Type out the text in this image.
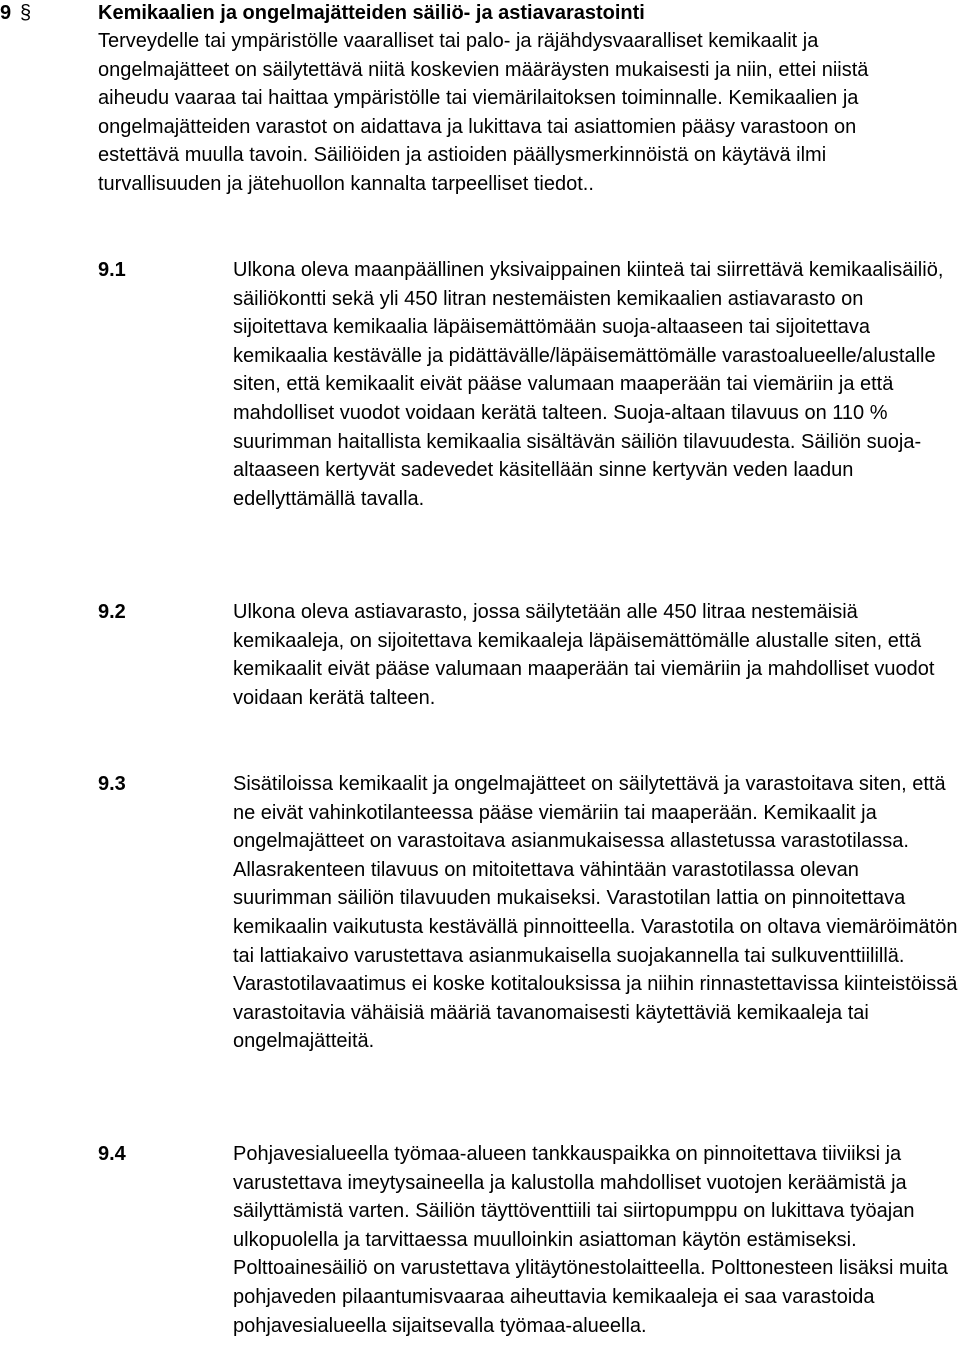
9 §	Kemikaalien ja ongelmajätteiden säiliö- ja astiavarastointi
Terveydelle tai ympäristölle vaaralliset tai palo- ja räjähdysvaaralliset kemikaalit ja ongelmajätteet on säilytettävä niitä koskevien määräysten mukaisesti ja niin, ettei niistä aiheudu vaaraa tai haittaa ympäristölle tai viemärilaitoksen toiminnalle. Kemikaalien ja ongelmajätteiden varastot on aidattava ja lukittava tai asiattomien pääsy varastoon on estettävä muulla tavoin. Säiliöiden ja astioiden päällysmerkinnöistä on käytävä ilmi turvallisuuden ja jätehuollon kannalta tarpeelliset tiedot..
9.1	Ulkona oleva maanpäällinen yksivaippainen kiinteä tai siirrettävä kemikaalisäiliö, säiliökontti sekä yli 450 litran nestemäisten kemikaalien astiavarasto on sijoitettava kemikaalia läpäisemättömään suoja-altaaseen tai sijoitettava kemikaalia kestävälle ja pidättävälle/läpäisemättömälle varastoalueelle/alustalle siten, että kemikaalit eivät pääse valumaan maaperään tai viemäriin ja että mahdolliset vuodot voidaan kerätä talteen. Suoja-altaan tilavuus on 110 % suurimman haitallista kemikaalia sisältävän säiliön tilavuudesta. Säiliön suoja-altaaseen kertyvät sadevedet käsitellään sinne kertyvän veden laadun edellyttämällä tavalla.
9.2	Ulkona oleva astiavarasto, jossa säilytetään alle 450 litraa nestemäisiä kemikaaleja, on sijoitettava kemikaaleja läpäisemättömälle alustalle siten, että kemikaalit eivät pääse valumaan maaperään tai viemäriin ja mahdolliset vuodot voidaan kerätä talteen.
9.3	Sisätiloissa kemikaalit ja ongelmajätteet on säilytettävä ja varastoitava siten, että ne eivät vahinkotilanteessa pääse viemäriin tai maaperään. Kemikaalit ja ongelmajätteet on varastoitava asianmukaisessa allastetussa varastotilassa. Allasrakenteen tilavuus on mitoitettava vähintään varastotilassa olevan suurimman säiliön tilavuuden mukaiseksi. Varastotilan lattia on pinnoitettava kemikaalin vaikutusta kestävällä pinnoitteella. Varastotila on oltava viemäröimätön tai lattiakaivo varustettava asianmukaisella suojakannella tai sulkuventtiilillä. Varastotilavaatimus ei koske kotitalouksissa ja niihin rinnastettavissa kiinteistöissä varastoitavia vähäisiä määriä tavanomaisesti käytettäviä kemikaaleja tai ongelmajätteitä.
9.4	Pohjavesialueella työmaa-alueen tankkauspaikka on pinnoitettava tiiviiksi ja varustettava imeytysaineella ja kalustolla mahdolliset vuotojen keräämistä ja säilyttämistä varten. Säiliön täyttöventtiili tai siirtopumppu on lukittava työajan ulkopuolella ja tarvittaessa muulloinkin asiattoman käytön estämiseksi. Polttoainesäiliö on varustettava ylitäytönestolaitteella. Polttonesteen lisäksi muita pohjaveden pilaantumisvaaraa aiheuttavia kemikaaleja ei saa varastoida pohjavesialueella sijaitsevalla työmaa-alueella.
